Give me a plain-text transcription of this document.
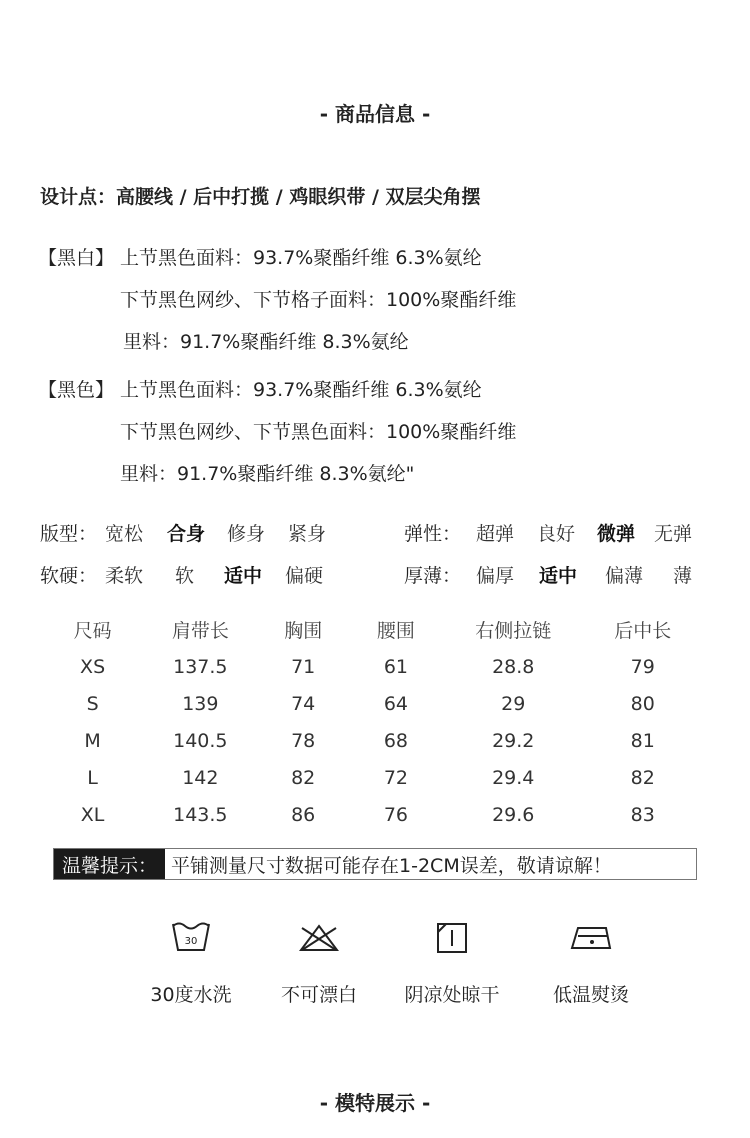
- 商品信息 -
设计点：高腰线 / 后中打揽 / 鸡眼织带 / 双层尖角摆
【黑白】 上节黑色面料：93.7%聚酯纤维 6.3%氨纶
下节黑色网纱、下节格子面料：100%聚酯纤维
里料：91.7%聚酯纤维 8.3%氨纶
【黑色】 上节黑色面料：93.7%聚酯纤维 6.3%氨纶
下节黑色网纱、下节黑色面料：100%聚酯纤维
里料：91.7%聚酯纤维 8.3%氨纶"
版型： 宽松 合身 修身 紧身	弹性： 超弹 良好 微弹 无弹
软硬： 柔软 软 适中 偏硬	厚薄： 偏厚 适中 偏薄 薄
尺码	肩带长	胸围	腰围	右侧拉链	后中长
XS	137.5	71	61	28.8	79
S	139	74	64	29	80
M	140.5	78	68	29.2	81
L	142	82	72	29.4	82
XL	143.5	86	76	29.6	83
温馨提示： 平铺测量尺寸数据可能存在1-2CM误差，敬请谅解！
30
30度水洗	不可漂白	阴凉处晾干	低温熨烫
- 模特展示 -
